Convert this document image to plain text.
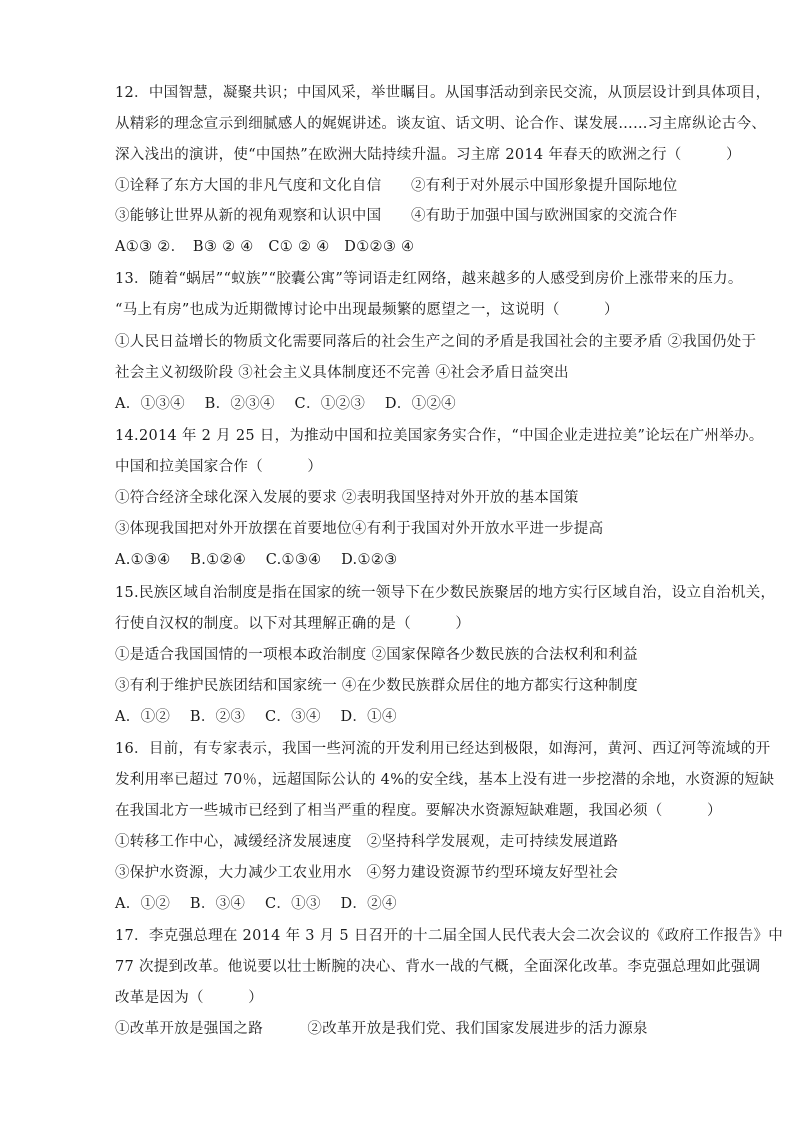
12．中国智慧，凝聚共识；中国风采，举世瞩目。从国事活动到亲民交流，从顶层设计到具体项目，
从精彩的理念宣示到细腻感人的娓娓讲述。谈友谊、话文明、论合作、谋发展……习主席纵论古今、
深入浅出的演讲，使“中国热”在欧洲大陆持续升温。习主席 2014 年春天的欧洲之行（　　　）
①诠释了东方大国的非凡气度和文化自信　　②有利于对外展示中国形象提升国际地位
③能够让世界从新的视角观察和认识中国　　④有助于加强中国与欧洲国家的交流合作
A①③ ②．　B③ ② ④　C① ② ④　D①②③ ④
13．随着“蜗居”“蚁族”“胶囊公寓”等词语走红网络，越来越多的人感受到房价上涨带来的压力。
“马上有房”也成为近期微博讨论中出现最频繁的愿望之一，这说明（　　　）
①人民日益增长的物质文化需要同落后的社会生产之间的矛盾是我国社会的主要矛盾 ②我国仍处于
社会主义初级阶段 ③社会主义具体制度还不完善 ④社会矛盾日益突出
A．①③④　 B．②③④　 C．①②③　 D．①②④
14.2014 年 2 月 25 日，为推动中国和拉美国家务实合作，“中国企业走进拉美”论坛在广州举办。
中国和拉美国家合作（　　　）
①符合经济全球化深入发展的要求 ②表明我国坚持对外开放的基本国策
③体现我国把对外开放摆在首要地位④有利于我国对外开放水平进一步提高
A.①③④　 B.①②④　 C.①③④　 D.①②③
15.民族区域自治制度是指在国家的统一领导下在少数民族聚居的地方实行区域自治，设立自治机关，
行使自汉权的制度。以下对其理解正确的是（　　　）
①是适合我国国情的一项根本政治制度 ②国家保障各少数民族的合法权利和利益
③有利于维护民族团结和国家统一 ④在少数民族群众居住的地方都实行这种制度
A．①②　 B．②③　 C．③④　 D．①④
16．目前，有专家表示，我国一些河流的开发利用已经达到极限，如海河，黄河、西辽河等流域的开
发利用率已超过 70％，远超国际公认的 4%的安全线，基本上没有进一步挖潜的余地，水资源的短缺
在我国北方一些城市已经到了相当严重的程度。要解决水资源短缺难题，我国必须（　　　）
①转移工作中心，减缓经济发展速度　②坚持科学发展观，走可持续发展道路
③保护水资源，大力减少工农业用水　④努力建设资源节约型环境友好型社会
A．①②　 B．③④　 C．①③　 D．②④
17．李克强总理在 2014 年 3 月 5 日召开的十二届全国人民代表大会二次会议的《政府工作报告》中
77 次提到改革。他说要以壮士断腕的决心、背水一战的气概，全面深化改革。李克强总理如此强调
改革是因为（　　　）
①改革开放是强国之路　　　②改革开放是我们党、我们国家发展进步的活力源泉
